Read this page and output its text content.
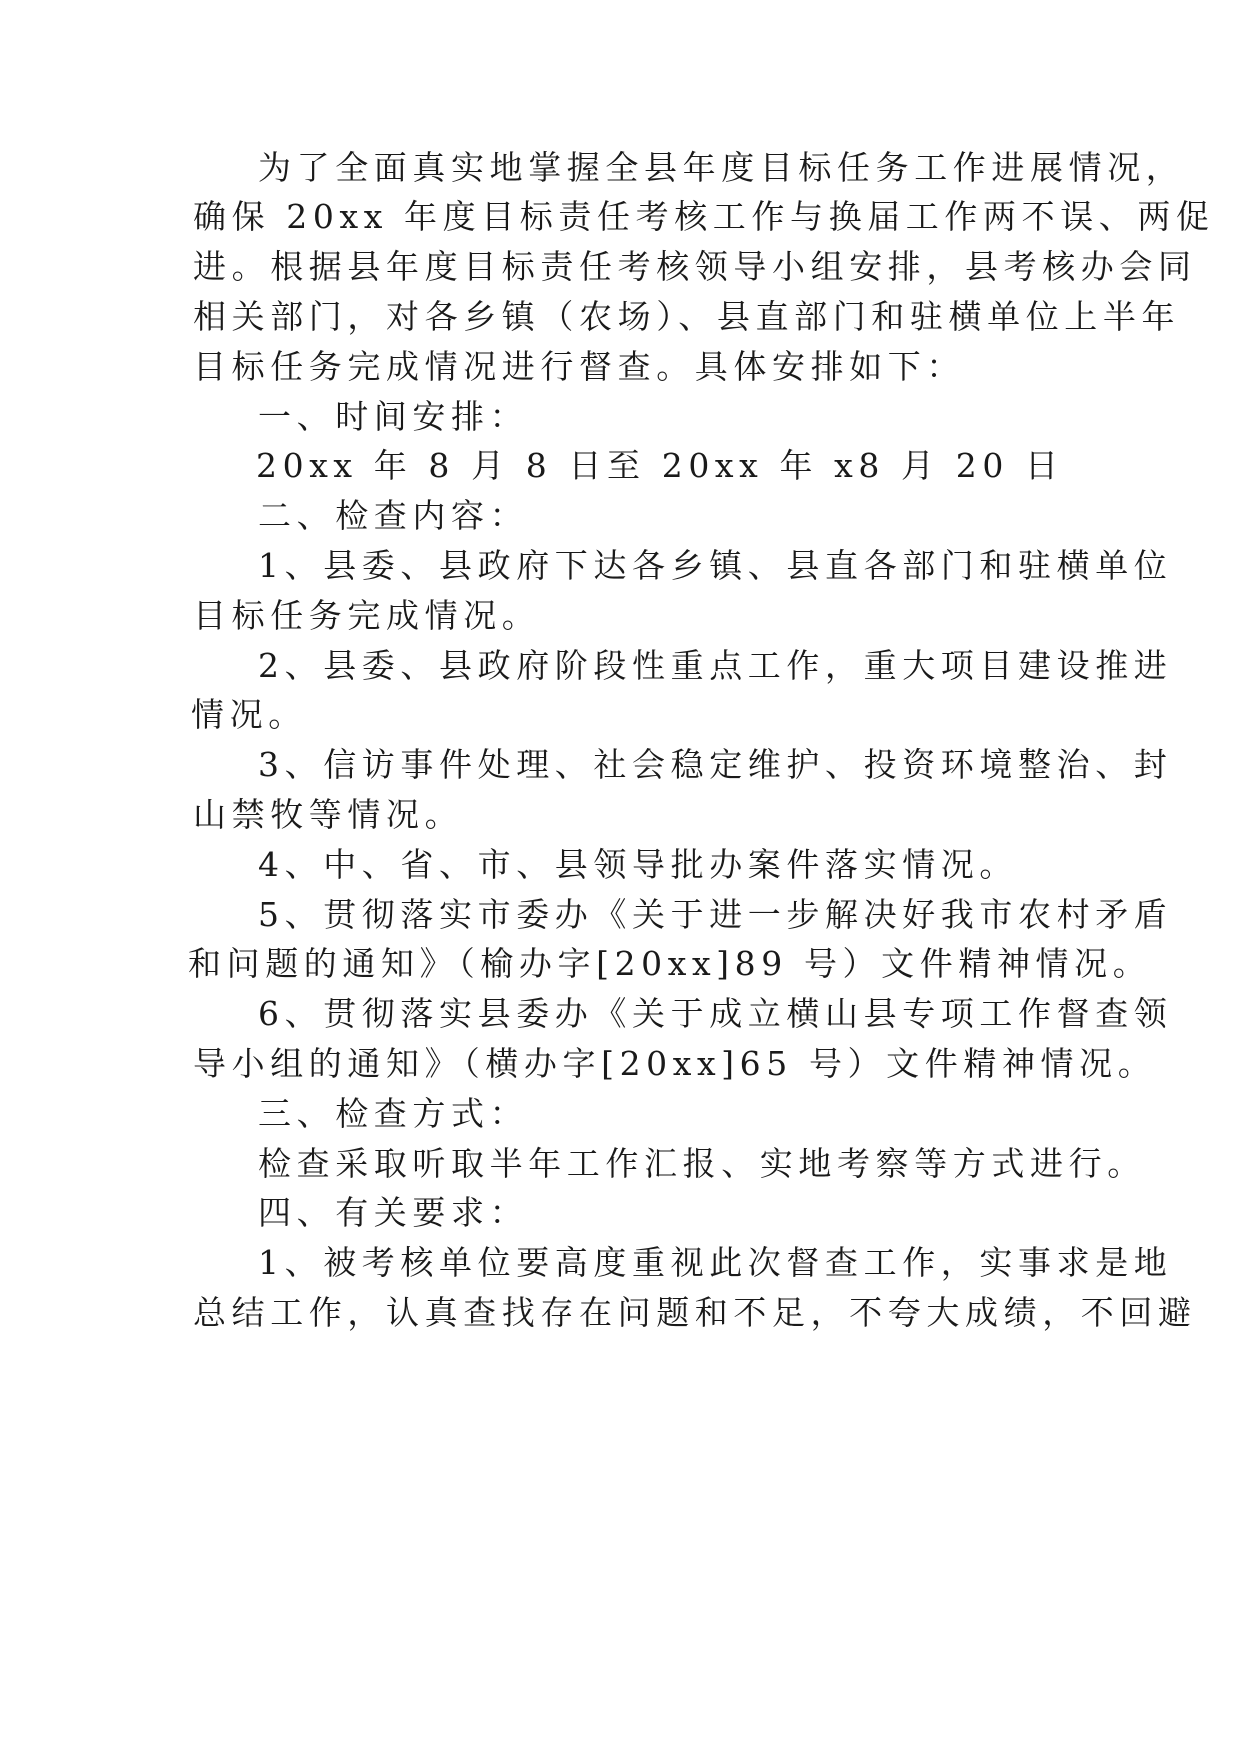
为了全面真实地掌握全县年度目标任务工作进展情况，
确保 20xx 年度目标责任考核工作与换届工作两不误、两促
进。根据县年度目标责任考核领导小组安排，县考核办会同
相关部门，对各乡镇（农场）、县直部门和驻横单位上半年
目标任务完成情况进行督查。具体安排如下：
一、时间安排：
20xx 年 8 月 8 日至 20xx 年 x8 月 20 日
二、检查内容：
1、县委、县政府下达各乡镇、县直各部门和驻横单位
目标任务完成情况。
2、县委、县政府阶段性重点工作，重大项目建设推进
情况。
3、信访事件处理、社会稳定维护、投资环境整治、封
山禁牧等情况。
4、中、省、市、县领导批办案件落实情况。
5、贯彻落实市委办《关于进一步解决好我市农村矛盾
和问题的通知》（榆办字[20xx]89 号）文件精神情况。
6、贯彻落实县委办《关于成立横山县专项工作督查领
导小组的通知》（横办字[20xx]65 号）文件精神情况。
三、检查方式：
检查采取听取半年工作汇报、实地考察等方式进行。
四、有关要求：
1、被考核单位要高度重视此次督查工作，实事求是地
总结工作，认真查找存在问题和不足，不夸大成绩，不回避
